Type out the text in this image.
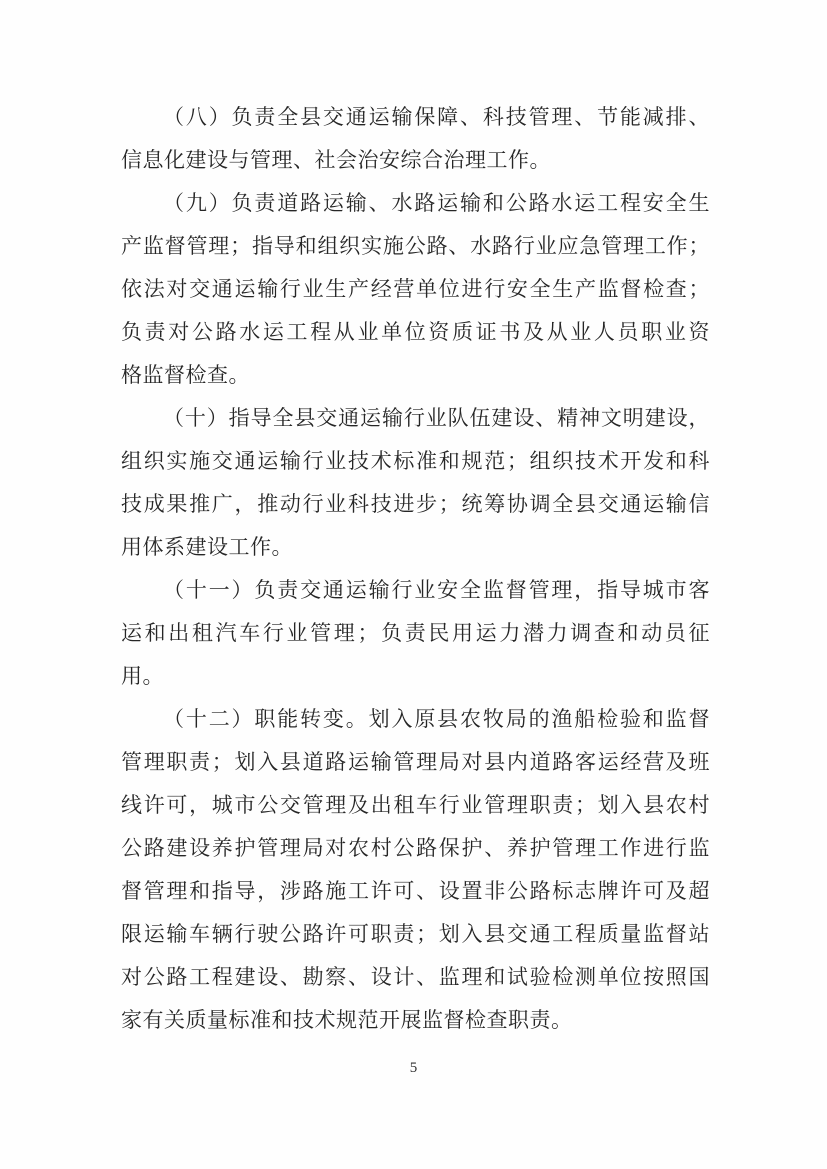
（八）负责全县交通运输保障、科技管理、节能减排、
信息化建设与管理、社会治安综合治理工作。
（九）负责道路运输、水路运输和公路水运工程安全生
产监督管理；指导和组织实施公路、水路行业应急管理工作；
依法对交通运输行业生产经营单位进行安全生产监督检查；
负责对公路水运工程从业单位资质证书及从业人员职业资
格监督检查。
（十）指导全县交通运输行业队伍建设、精神文明建设，
组织实施交通运输行业技术标准和规范；组织技术开发和科
技成果推广，推动行业科技进步；统筹协调全县交通运输信
用体系建设工作。
（十一）负责交通运输行业安全监督管理，指导城市客
运和出租汽车行业管理；负责民用运力潜力调查和动员征
用。
（十二）职能转变。划入原县农牧局的渔船检验和监督
管理职责；划入县道路运输管理局对县内道路客运经营及班
线许可，城市公交管理及出租车行业管理职责；划入县农村
公路建设养护管理局对农村公路保护、养护管理工作进行监
督管理和指导，涉路施工许可、设置非公路标志牌许可及超
限运输车辆行驶公路许可职责；划入县交通工程质量监督站
对公路工程建设、勘察、设计、监理和试验检测单位按照国
家有关质量标准和技术规范开展监督检查职责。
5
